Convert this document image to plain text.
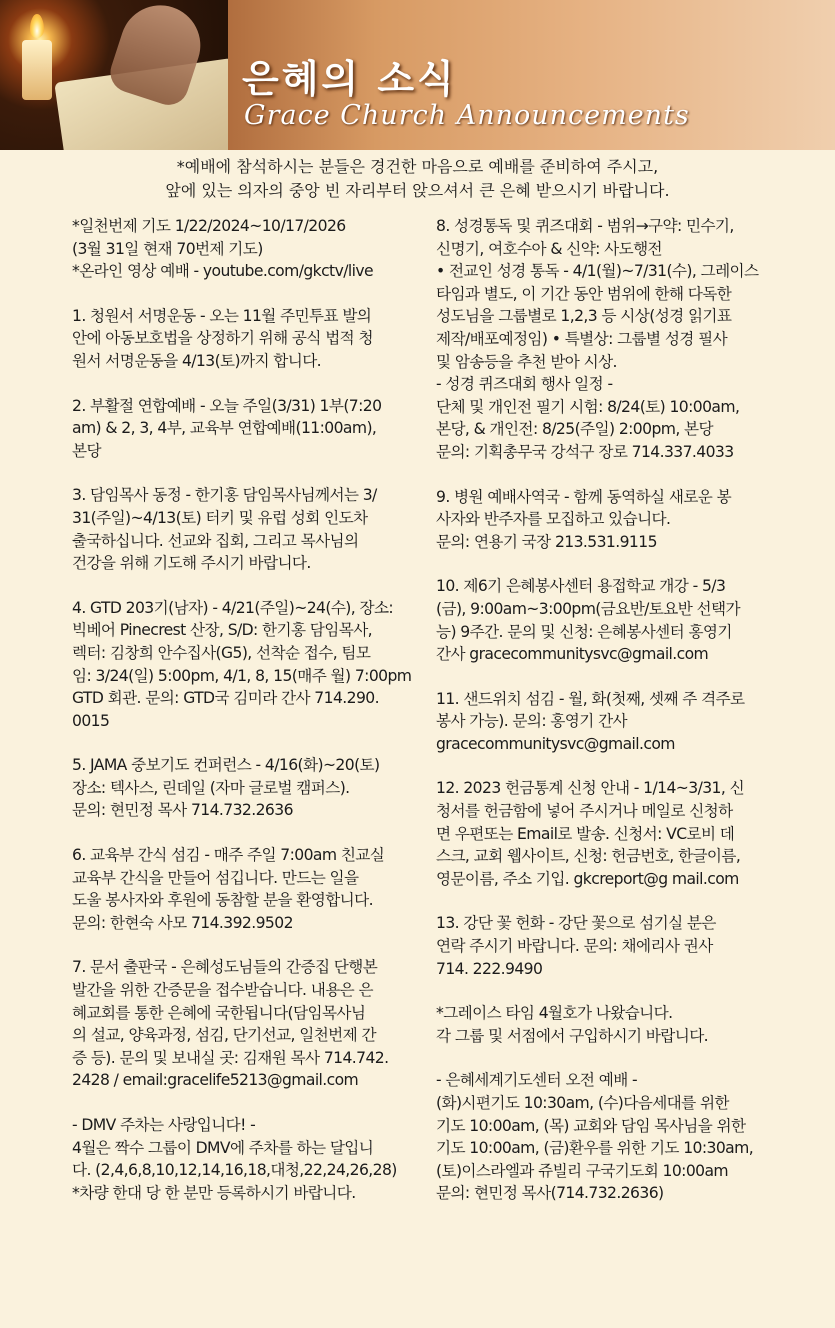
은혜의 소식
Grace Church Announcements
*예배에 참석하시는 분들은 경건한 마음으로 예배를 준비하여 주시고,
앞에 있는 의자의 중앙 빈 자리부터 앉으셔서 큰 은혜 받으시기 바랍니다.
*일천번제 기도 1/22/2024~10/17/2026
(3월 31일 현재 70번제 기도)
*온라인 영상 예배 - youtube.com/gkctv/live
1. 청원서 서명운동 - 오는 11월 주민투표 발의
안에 아동보호법을 상정하기 위해 공식 법적 청
원서 서명운동을 4/13(토)까지 합니다.
2. 부활절 연합예배 - 오늘 주일(3/31) 1부(7:20
am) & 2, 3, 4부, 교육부 연합예배(11:00am),
본당
3. 담임목사 동정 - 한기홍 담임목사님께서는 3/
31(주일)~4/13(토) 터키 및 유럽 성회 인도차
출국하십니다. 선교와 집회, 그리고 목사님의
건강을 위해 기도해 주시기 바랍니다.
4. GTD 203기(남자) - 4/21(주일)~24(수), 장소:
빅베어 Pinecrest 산장, S/D: 한기홍 담임목사,
렉터: 김창희 안수집사(G5), 선착순 접수, 팀모
임: 3/24(일) 5:00pm, 4/1, 8, 15(매주 월) 7:00pm
GTD 회관. 문의: GTD국 김미라 간사 714.290.
0015
5. JAMA 중보기도 컨퍼런스 - 4/16(화)~20(토)
장소: 텍사스, 린데일 (자마 글로벌 캠퍼스).
문의: 현민정 목사 714.732.2636
6. 교육부 간식 섬김 - 매주 주일 7:00am 친교실
교육부 간식을 만들어 섬깁니다. 만드는 일을
도울 봉사자와 후원에 동참할 분을 환영합니다.
문의: 한현숙 사모 714.392.9502
7. 문서 출판국 - 은혜성도님들의 간증집 단행본
발간을 위한 간증문을 접수받습니다. 내용은 은
혜교회를 통한 은혜에 국한됩니다(담임목사님
의 설교, 양육과정, 섬김, 단기선교, 일천번제 간
증 등). 문의 및 보내실 곳: 김재원 목사 714.742.
2428 / email:gracelife5213@gmail.com
- DMV 주차는 사랑입니다! -
4월은 짝수 그룹이 DMV에 주차를 하는 달입니
다. (2,4,6,8,10,12,14,16,18,대청,22,24,26,28)
*차량 한대 당 한 분만 등록하시기 바랍니다.
8. 성경통독 및 퀴즈대회 - 범위→구약: 민수기,
신명기, 여호수아 & 신약: 사도행전
• 전교인 성경 통독 - 4/1(월)~7/31(수), 그레이스
타임과 별도, 이 기간 동안 범위에 한해 다독한
성도님을 그룹별로 1,2,3 등 시상(성경 읽기표
제작/배포예정임) • 특별상: 그룹별 성경 필사
및 암송등을 추천 받아 시상.
- 성경 퀴즈대회 행사 일정 -
단체 및 개인전 필기 시험: 8/24(토) 10:00am,
본당, & 개인전: 8/25(주일) 2:00pm, 본당
문의: 기획총무국 강석구 장로 714.337.4033
9. 병원 예배사역국 - 함께 동역하실 새로운 봉
사자와 반주자를 모집하고 있습니다.
문의: 연용기 국장 213.531.9115
10. 제6기 은혜봉사센터 용접학교 개강 - 5/3
(금), 9:00am~3:00pm(금요반/토요반 선택가
능) 9주간. 문의 및 신청: 은혜봉사센터 홍영기
간사 gracecommunitysvc@gmail.com
11. 샌드위치 섬김 - 월, 화(첫째, 셋째 주 격주로
봉사 가능). 문의: 홍영기 간사
gracecommunitysvc@gmail.com
12. 2023 헌금통계 신청 안내 - 1/14~3/31, 신
청서를 헌금함에 넣어 주시거나 메일로 신청하
면 우편또는 Email로 발송. 신청서: VC로비 데
스크, 교회 웹사이트, 신청: 헌금번호, 한글이름,
영문이름, 주소 기입. gkcreport@g mail.com
13. 강단 꽃 헌화 - 강단 꽃으로 섬기실 분은
연락 주시기 바랍니다. 문의: 채에리사 권사
714. 222.9490
*그레이스 타임 4월호가 나왔습니다.
각 그룹 및 서점에서 구입하시기 바랍니다.
- 은혜세계기도센터 오전 예배 -
(화)시편기도 10:30am, (수)다음세대를 위한
기도 10:00am, (목) 교회와 담임 목사님을 위한
기도 10:00am, (금)환우를 위한 기도 10:30am,
(토)이스라엘과 쥬빌리 구국기도회 10:00am
문의: 현민정 목사(714.732.2636)
